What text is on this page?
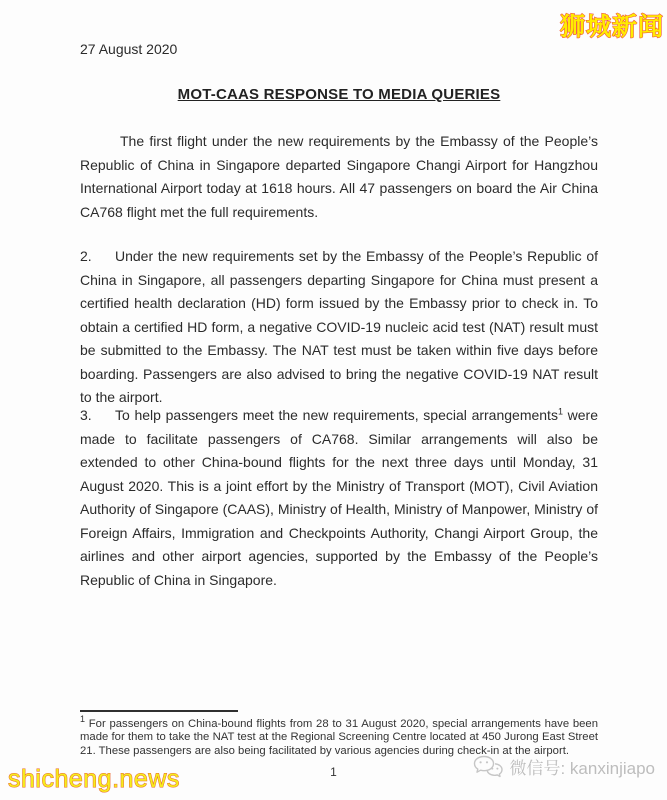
27 August 2020
MOT-CAAS RESPONSE TO MEDIA QUERIES

The first flight under the new requirements by the Embassy of the People’s Republic of China in Singapore departed Singapore Changi Airport for Hangzhou International Airport today at 1618 hours. All 47 passengers on board the Air China CA768 flight met the full requirements.

2. Under the new requirements set by the Embassy of the People’s Republic of China in Singapore, all passengers departing Singapore for China must present a certified health declaration (HD) form issued by the Embassy prior to check in. To obtain a certified HD form, a negative COVID-19 nucleic acid test (NAT) result must be submitted to the Embassy. The NAT test must be taken within five days before boarding. Passengers are also advised to bring the negative COVID-19 NAT result to the airport.

3. To help passengers meet the new requirements, special arrangements$^1$ were made to facilitate passengers of CA768. Similar arrangements will also be extended to other China-bound flights for the next three days until Monday, 31 August 2020. This is a joint effort by the Ministry of Transport (MOT), Civil Aviation Authority of Singapore (CAAS), Ministry of Health, Ministry of Manpower, Ministry of Foreign Affairs, Immigration and Checkpoints Authority, Changi Airport Group, the airlines and other airport agencies, supported by the Embassy of the People’s Republic of China in Singapore.

$^1$ For passengers on China-bound flights from 28 to 31 August 2020, special arrangements have been made for them to take the NAT test at the Regional Screening Centre located at 450 Jurong East Street 21. These passengers are also being facilitated by various agencies during check-in at the airport.

1
狮城新闻
shicheng.news	微信号: kanxinjiapo
